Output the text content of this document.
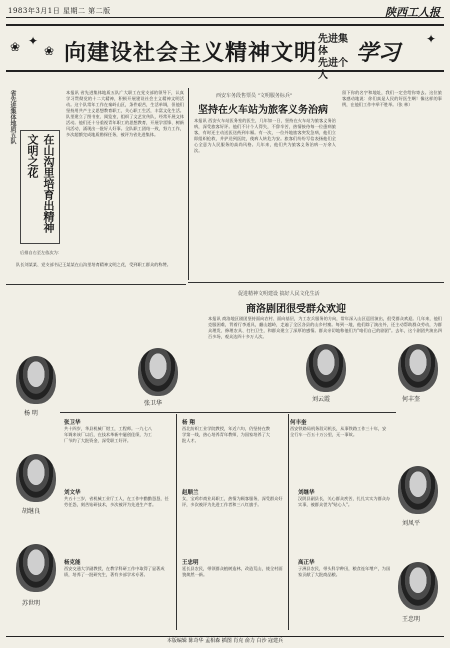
1983年3月1日 星期二 第二版	陕西工人报
❀ ✦
❀ 向建设社会主义精神文明
先进集体
先进个人
学习
✦
省先进集体地质五队
在山沟里培育出精神文明之花
本报讯 省先进集体地质五队广大职工在党支部的领导下，认真学习贯彻党的十二大精神，积极开展建设社会主义精神文明活动。这个队常年工作在秦岭山区，条件艰苦，生活单调，但他们坚持用共产主义思想教育职工，关心职工生活，丰富文化生活。队里建立了图书室、阅览室，组织了文艺宣传队，经常开展文体活动。他们还十分重视青年职工的思想教育，开展学雷锋、树新风活动，涌现出一批好人好事。全队职工团结一致，努力工作，多次超额完成地质勘探任务，被评为省先进集体。
后排自右至左依次为：
队长刘某某、党支部书记王某某在山沟里培育精神文明之花，受到职工群众的称赞。
西安车务段售票员 "文明服务标兵"
坚持在火车站为旅客义务治病
本报讯 西安火车站医务室的医生，几年如一日，坚持在火车站为旅客义务治病，深受旅客好评。他们不计个人得失，不辞辛苦，热情接待每一位患病旅客，有时还主动送医送药到车厢。有一次，一位外地旅客突发急病，他们立即组织抢救，并护送到医院，使病人转危为安。旅客们纷纷写信表扬他们全心全意为人民服务的高尚风格。几年来，他们共为旅客义务治病一万余人次。
留下你的名字和地址，我们一定会给你寄去。这位旅客感动地说：你们真是人民的好医生啊！像这样的事例，在他们工作中举不胜举。（张 林）
促进精神文明建设 搞好人民文化生活
商洛剧团很受群众欢迎
本报讯 商洛地区剧团坚持面向农村、面向基层，为工农兵服务的方向，常年深入山区巡回演出，很受群众欢迎。几年来，他们克服困难，背着行李道具，翻山越岭，走遍了全区各县的山乡村寨。每到一地，他们除了演出外，还主动帮助群众劳动，为群众理发、修理农具、打扫卫生，和群众建立了深厚的感情。群众亲切地称他们为"咱们自己的剧团"。去年，这个剧团共演出四百多场，观众达四十多万人次。
杨 明
张卫华
刘云霞	何丰奎
胡继良
刘凤平
苏世明
王忠明
张卫华
共十四岁，华县机械厂钳工，工程师。一九七八年调来该厂以后，在技术革新中屡创佳绩，为工厂节约了大批资金，深受职工好评。
杨 翔
西北纺织工业学院教授，年近六旬，仍坚持在教学第一线，热心培养青年教师，为国家培养了大批人才。
何丰奎
西安铁路局机务段司机长，从事铁路工作三十年，安全行车一百五十万公里，无一事故。
刘文华
共五十三岁，省机械工业厅工人，在工作中勤勤恳恳，任劳任怨，刻苦钻研技术，多次被评为先进生产者。
赵顺兰
女，宝鸡市商业局职工，热情为顾客服务，深受群众好评，多次被评为先进工作者和三八红旗手。
刘继华
汉阴县副县长，关心群众疾苦，扎扎实实为群众办实事，被群众誉为"贴心人"。
杨克能
西安交通大学副教授，在教学科研工作中取得了显著成绩，培养了一批研究生，著有多部学术专著。
王忠明
延长县农民，带领群众植树造林，改造荒山，使全村面貌焕然一新。
高正华
子洲县农民，带头科学种田，粮食连年增产，为国家贡献了大批商品粮。
本版编辑 陈奇华 孟相森 插图 肖克 俞力 白沙 寇建兵
